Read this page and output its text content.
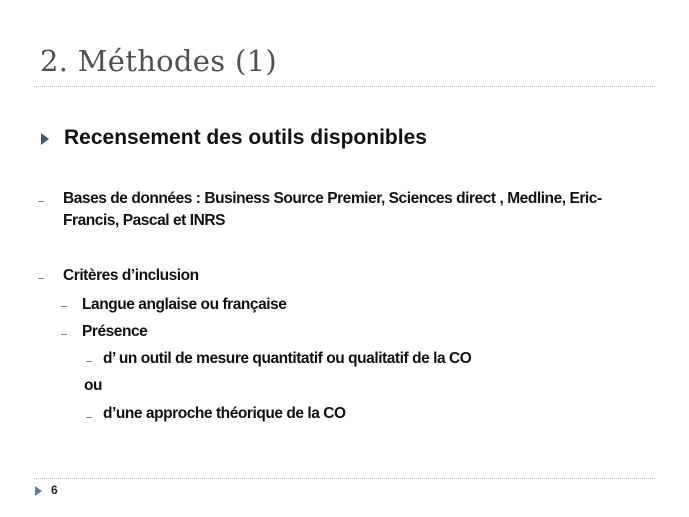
2. Méthodes (1)
Recensement des outils disponibles
Bases de données : Business Source Premier, Sciences direct , Medline, Eric-
Francis, Pascal et INRS
Critères d’inclusion
Langue anglaise ou française
Présence
d’ un outil de mesure quantitatif ou qualitatif de la CO
ou
d’une approche théorique de la CO
6
